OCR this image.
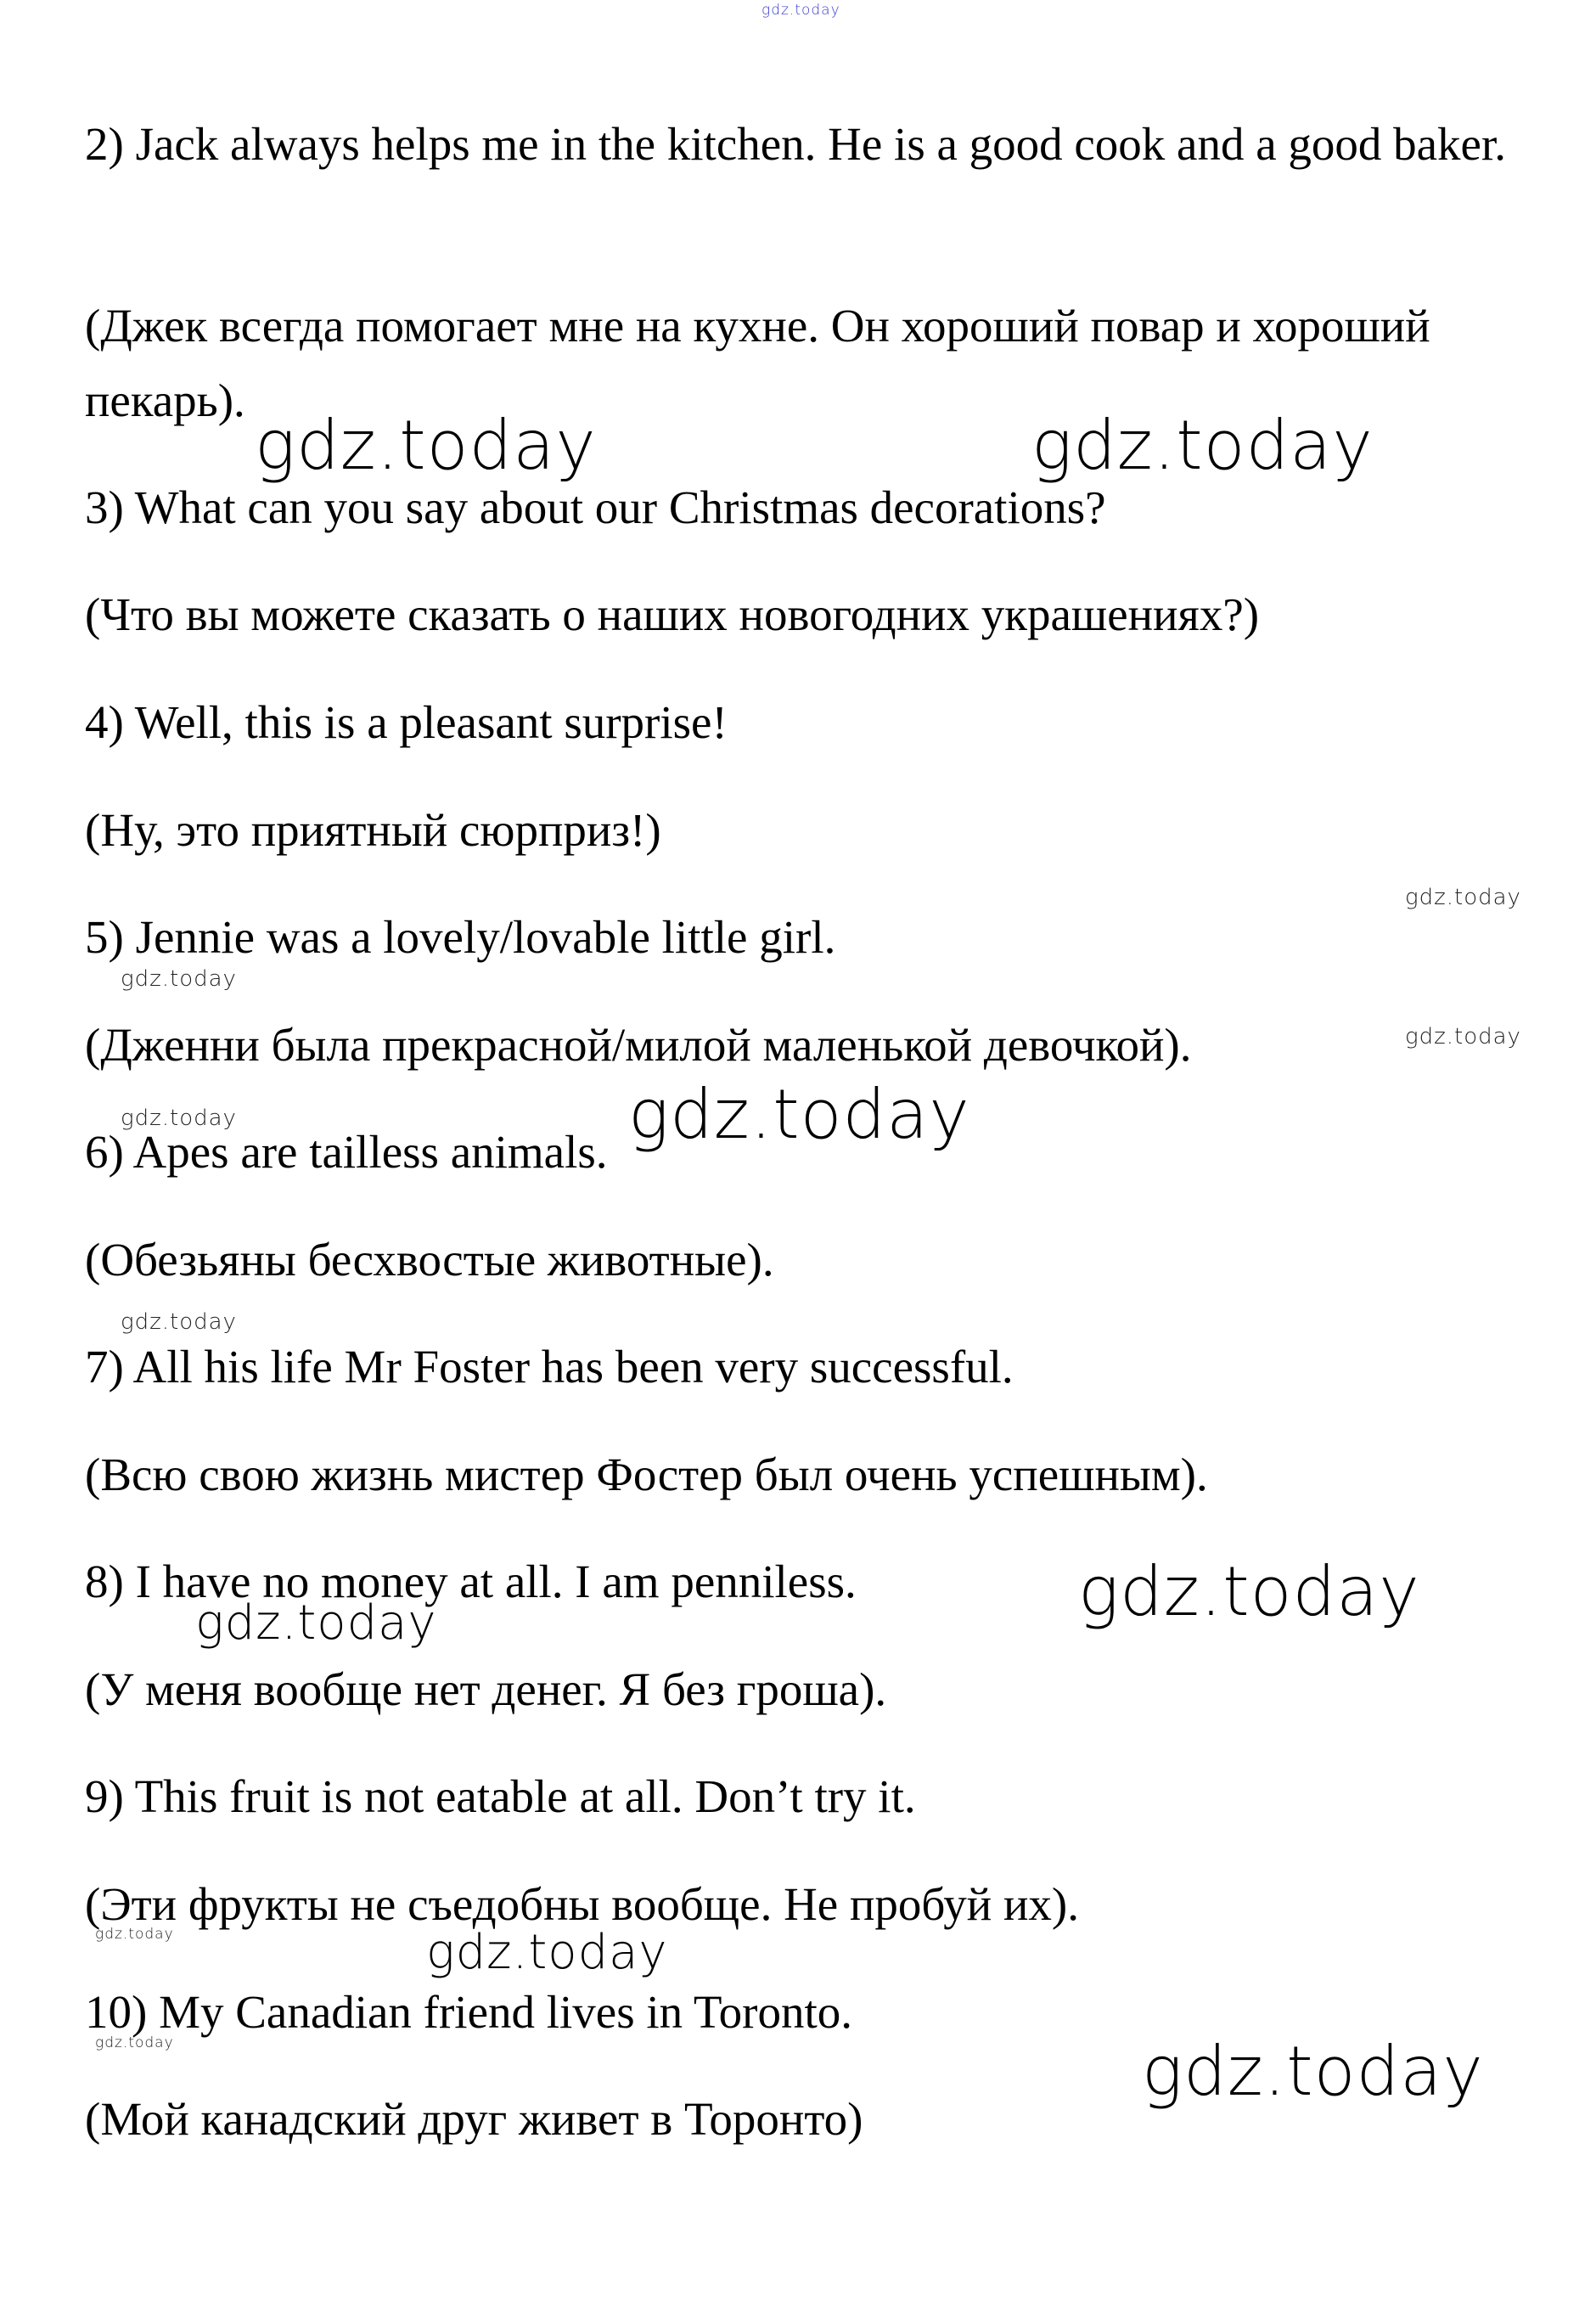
gdz.today

2) Jack always helps me in the kitchen. He is a good cook and a good baker.

(Джек всегда помогает мне на кухне. Он хороший повар и хороший пекарь).

3) What can you say about our Christmas decorations?

(Что вы можете сказать о наших новогодних украшениях?)

4) Well, this is a pleasant surprise!

(Ну, это приятный сюрприз!)

5) Jennie was a lovely/lovable little girl.

(Дженни была прекрасной/милой маленькой девочкой).

6) Apes are tailless animals.

(Обезьяны бесхвостые животные).

7) All his life Mr Foster has been very successful.

(Всю свою жизнь мистер Фостер был очень успешным).

8) I have no money at all. I am penniless.

(У меня вообще нет денег. Я без гроша).

9) This fruit is not eatable at all. Don’t try it.

(Эти фрукты не съедобны вообще. Не пробуй их).

10) My Canadian friend lives in Toronto.

(Мой канадский друг живет в Торонто)

gdz.today	gdz.today
gdz.today
gdz.today
gdz.today
gdz.today	gdz.today
gdz.today
gdz.today
gdz.today
gdz.today	gdz.today
gdz.today	gdz.today
